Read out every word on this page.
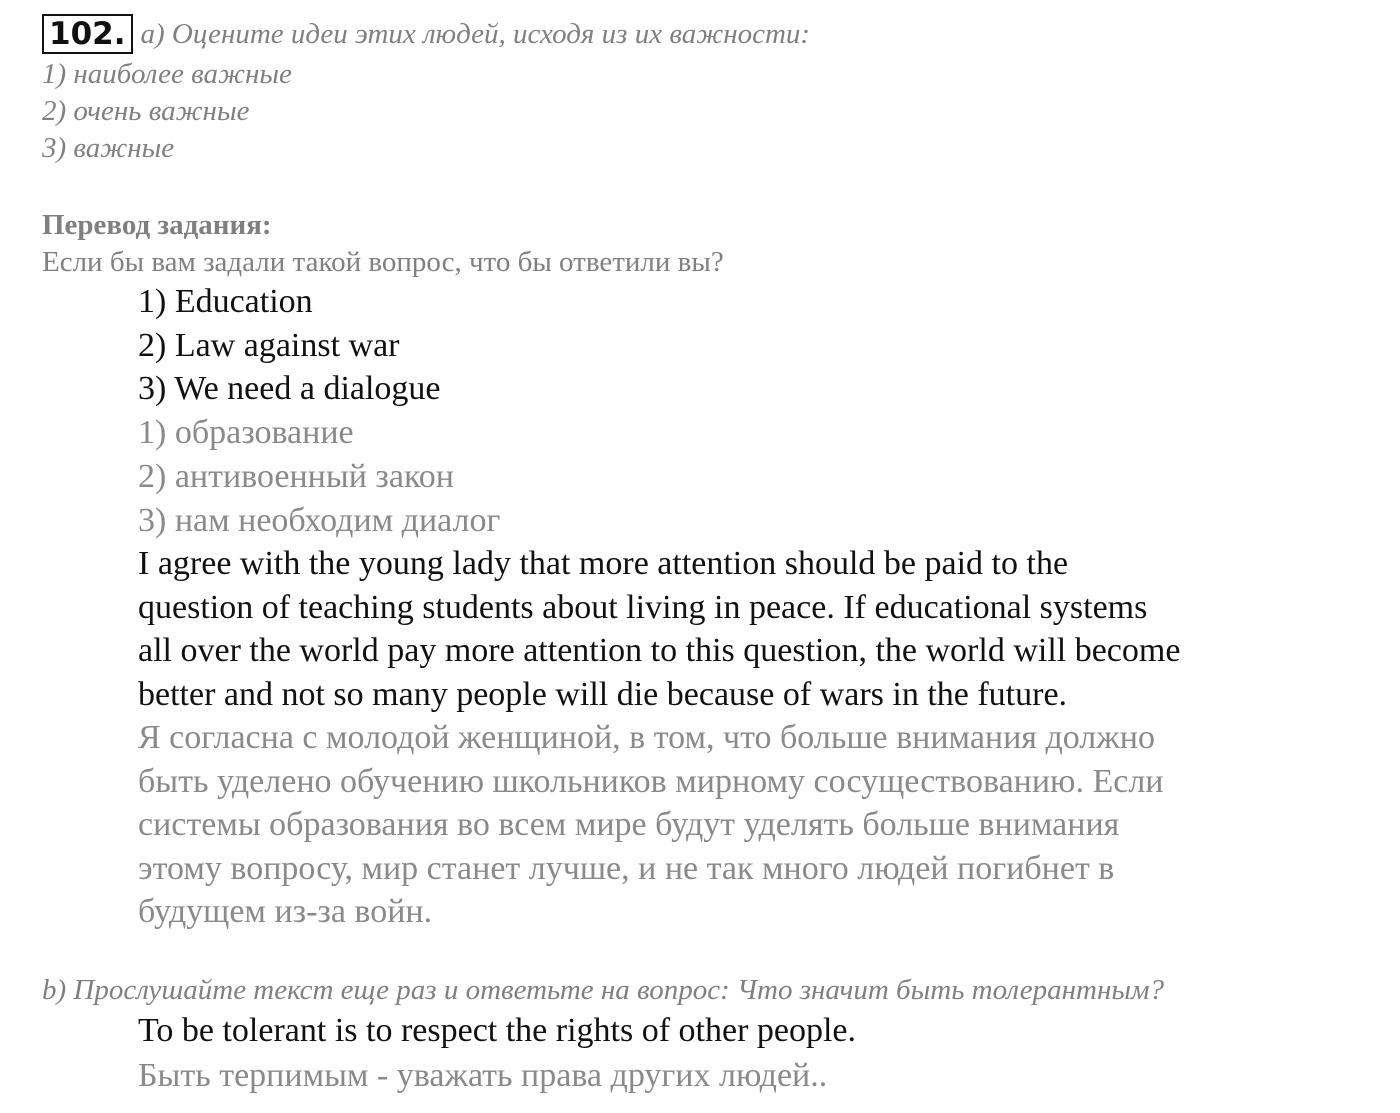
102. a) Оцените идеи этих людей, исходя из их важности:
1) наиболее важные
2) очень важные
3) важные
Перевод задания:
Если бы вам задали такой вопрос, что бы ответили вы?
1) Education
2) Law against war
3) We need a dialogue
1) образование
2) антивоенный закон
3) нам необходим диалог
I agree with the young lady that more attention should be paid to the
question of teaching students about living in peace. If educational systems
all over the world pay more attention to this question, the world will become
better and not so many people will die because of wars in the future.
Я согласна с молодой женщиной, в том, что больше внимания должно
быть уделено обучению школьников мирному сосуществованию. Если
системы образования во всем мире будут уделять больше внимания
этому вопросу, мир станет лучше, и не так много людей погибнет в
будущем из-за войн.
b) Прослушайте текст еще раз и ответьте на вопрос: Что значит быть толерантным?
To be tolerant is to respect the rights of other people.
Быть терпимым - уважать права других людей..
